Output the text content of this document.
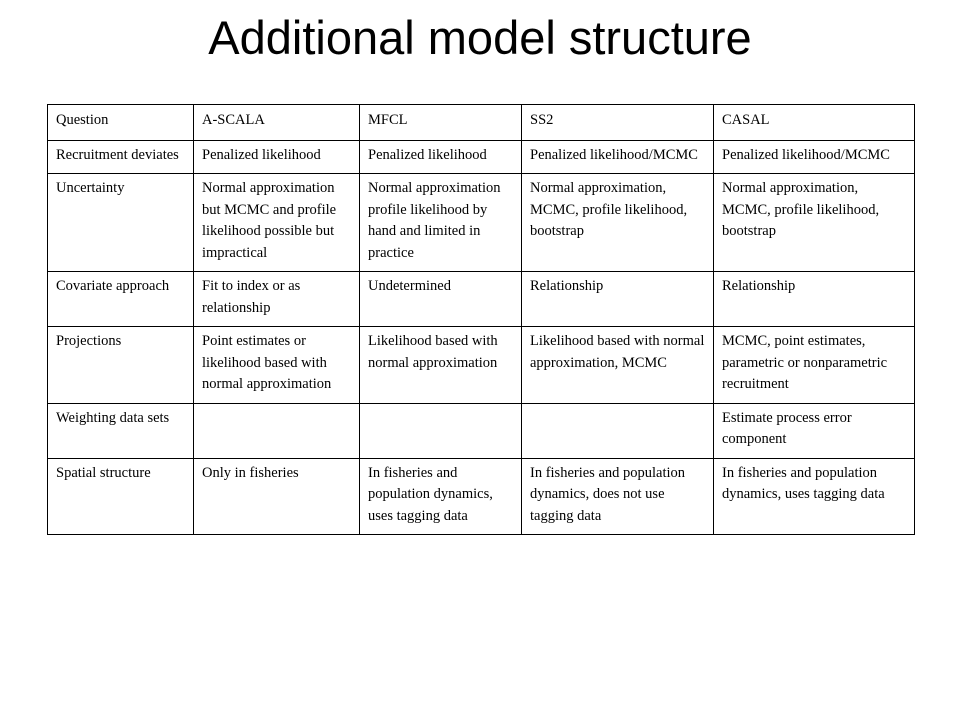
Additional model structure
Question	A-SCALA	MFCL	SS2	CASAL
Recruitment deviates	Penalized likelihood	Penalized likelihood	Penalized likelihood/MCMC	Penalized likelihood/MCMC
Uncertainty	Normal approximation but MCMC and profile likelihood possible but impractical	Normal approximation profile likelihood by hand and limited in practice	Normal approximation, MCMC, profile likelihood, bootstrap	Normal approximation, MCMC, profile likelihood, bootstrap
Covariate approach	Fit to index or as relationship	Undetermined	Relationship	Relationship
Projections	Point estimates or likelihood based with normal approximation	Likelihood based with normal approximation	Likelihood based with normal approximation, MCMC	MCMC, point estimates, parametric or nonparametric recruitment
Weighting data sets				Estimate process error component
Spatial structure	Only in fisheries	In fisheries and population dynamics, uses tagging data	In fisheries and population dynamics, does not use tagging data	In fisheries and population dynamics, uses tagging data
